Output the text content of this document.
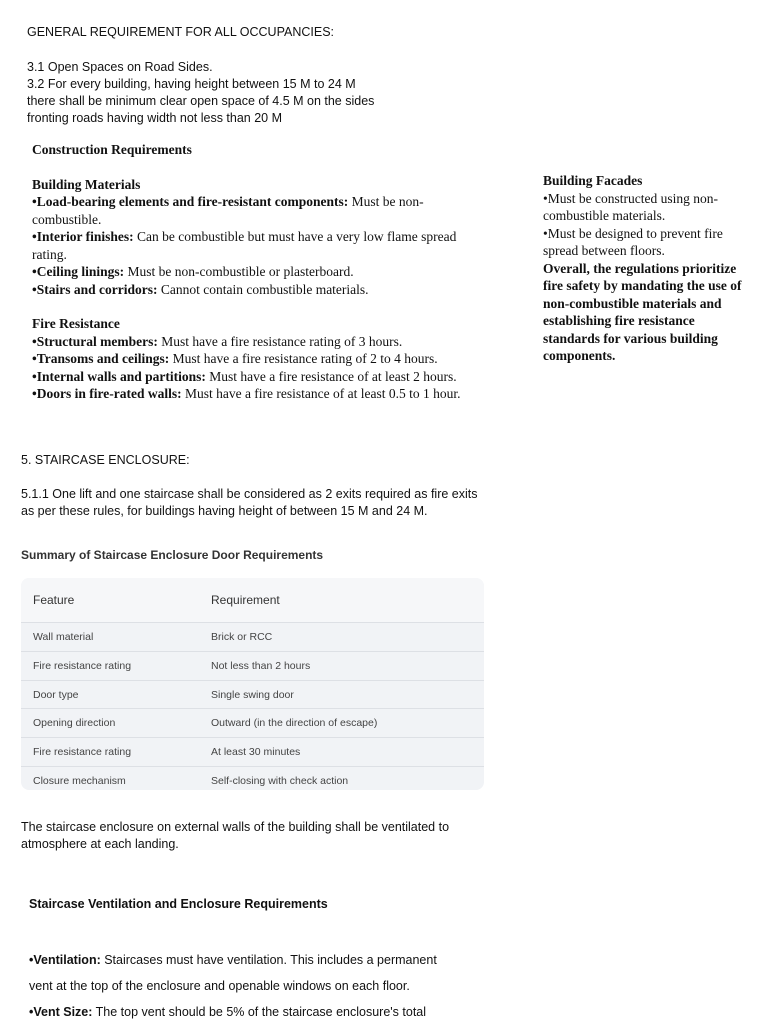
GENERAL REQUIREMENT FOR ALL OCCUPANCIES:
3.1 Open Spaces on Road Sides.
3.2 For every building, having height between 15 M to 24 M
there shall be minimum clear open space of 4.5 M on the sides
fronting roads having width not less than 20 M
Construction Requirements
Building Materials
•Load-bearing elements and fire-resistant components: Must be non-
combustible.
•Interior finishes: Can be combustible but must have a very low flame spread
rating.
•Ceiling linings: Must be non-combustible or plasterboard.
•Stairs and corridors: Cannot contain combustible materials.
Fire Resistance
•Structural members: Must have a fire resistance rating of 3 hours.
•Transoms and ceilings: Must have a fire resistance rating of 2 to 4 hours.
•Internal walls and partitions: Must have a fire resistance of at least 2 hours.
•Doors in fire-rated walls: Must have a fire resistance of at least 0.5 to 1 hour.
Building Facades
•Must be constructed using non-
combustible materials.
•Must be designed to prevent fire
spread between floors.
Overall, the regulations prioritize
fire safety by mandating the use of
non-combustible materials and
establishing fire resistance
standards for various building
components.
5. STAIRCASE ENCLOSURE:
5.1.1 One lift and one staircase shall be considered as 2 exits required as fire exits
as per these rules, for buildings having height of between 15 M and 24 M.
Summary of Staircase Enclosure Door Requirements
Feature	Requirement
Wall material	Brick or RCC
Fire resistance rating	Not less than 2 hours
Door type	Single swing door
Opening direction	Outward (in the direction of escape)
Fire resistance rating	At least 30 minutes
Closure mechanism	Self-closing with check action
The staircase enclosure on external walls of the building shall be ventilated to
atmosphere at each landing.
Staircase Ventilation and Enclosure Requirements
•Ventilation: Staircases must have ventilation. This includes a permanent
vent at the top of the enclosure and openable windows on each floor.
•Vent Size: The top vent should be 5% of the staircase enclosure's total
